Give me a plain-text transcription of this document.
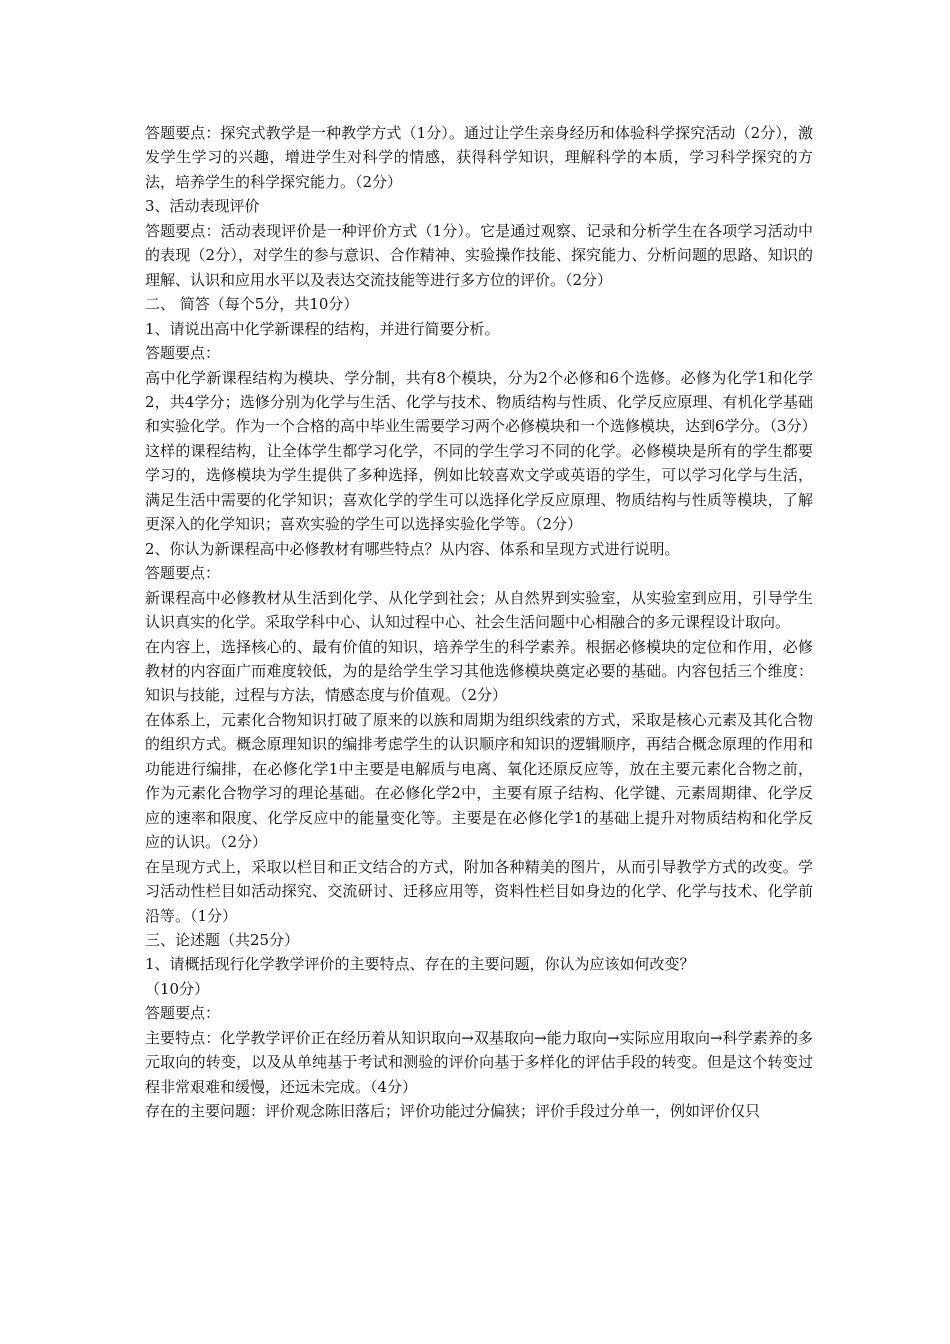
答题要点：探究式教学是一种教学方式（1分）。通过让学生亲身经历和体验科学探究活动（2分），激发学生学习的兴趣，增进学生对科学的情感，获得科学知识，理解科学的本质，学习科学探究的方法，培养学生的科学探究能力。（2分）

3、活动表现评价

答题要点：活动表现评价是一种评价方式（1分）。它是通过观察、记录和分析学生在各项学习活动中的表现（2分），对学生的参与意识、合作精神、实验操作技能、探究能力、分析问题的思路、知识的理解、认识和应用水平以及表达交流技能等进行多方位的评价。（2分）

二、 简答（每个5分，共10分）

1、请说出高中化学新课程的结构，并进行简要分析。

答题要点：

高中化学新课程结构为模块、学分制，共有8个模块，分为2个必修和6个选修。必修为化学1和化学2，共4学分；选修分别为化学与生活、化学与技术、物质结构与性质、化学反应原理、有机化学基础和实验化学。作为一个合格的高中毕业生需要学习两个必修模块和一个选修模块，达到6学分。（3分）

这样的课程结构，让全体学生都学习化学，不同的学生学习不同的化学。必修模块是所有的学生都要学习的，选修模块为学生提供了多种选择，例如比较喜欢文学或英语的学生，可以学习化学与生活，满足生活中需要的化学知识；喜欢化学的学生可以选择化学反应原理、物质结构与性质等模块，了解更深入的化学知识；喜欢实验的学生可以选择实验化学等。（2分）

2、你认为新课程高中必修教材有哪些特点？从内容、体系和呈现方式进行说明。

答题要点：

新课程高中必修教材从生活到化学、从化学到社会；从自然界到实验室，从实验室到应用，引导学生认识真实的化学。采取学科中心、认知过程中心、社会生活问题中心相融合的多元课程设计取向。

在内容上，选择核心的、最有价值的知识，培养学生的科学素养。根据必修模块的定位和作用，必修教材的内容面广而难度较低，为的是给学生学习其他选修模块奠定必要的基础。内容包括三个维度：知识与技能，过程与方法，情感态度与价值观。（2分）

在体系上，元素化合物知识打破了原来的以族和周期为组织线索的方式，采取是核心元素及其化合物的组织方式。概念原理知识的编排考虑学生的认识顺序和知识的逻辑顺序，再结合概念原理的作用和功能进行编排，在必修化学1中主要是电解质与电离、氧化还原反应等，放在主要元素化合物之前，作为元素化合物学习的理论基础。在必修化学2中，主要有原子结构、化学键、元素周期律、化学反应的速率和限度、化学反应中的能量变化等。主要是在必修化学1的基础上提升对物质结构和化学反应的认识。（2分）

在呈现方式上，采取以栏目和正文结合的方式，附加各种精美的图片，从而引导教学方式的改变。学习活动性栏目如活动探究、交流研讨、迁移应用等，资料性栏目如身边的化学、化学与技术、化学前沿等。（1分）

三、论述题（共25分）

1、请概括现行化学教学评价的主要特点、存在的主要问题，你认为应该如何改变？

（10分）

答题要点：

主要特点：化学教学评价正在经历着从知识取向→双基取向→能力取向→实际应用取向→科学素养的多元取向的转变，以及从单纯基于考试和测验的评价向基于多样化的评估手段的转变。但是这个转变过程非常艰难和缓慢，还远未完成。（4分）

存在的主要问题：评价观念陈旧落后；评价功能过分偏狭；评价手段过分单一，例如评价仅只
